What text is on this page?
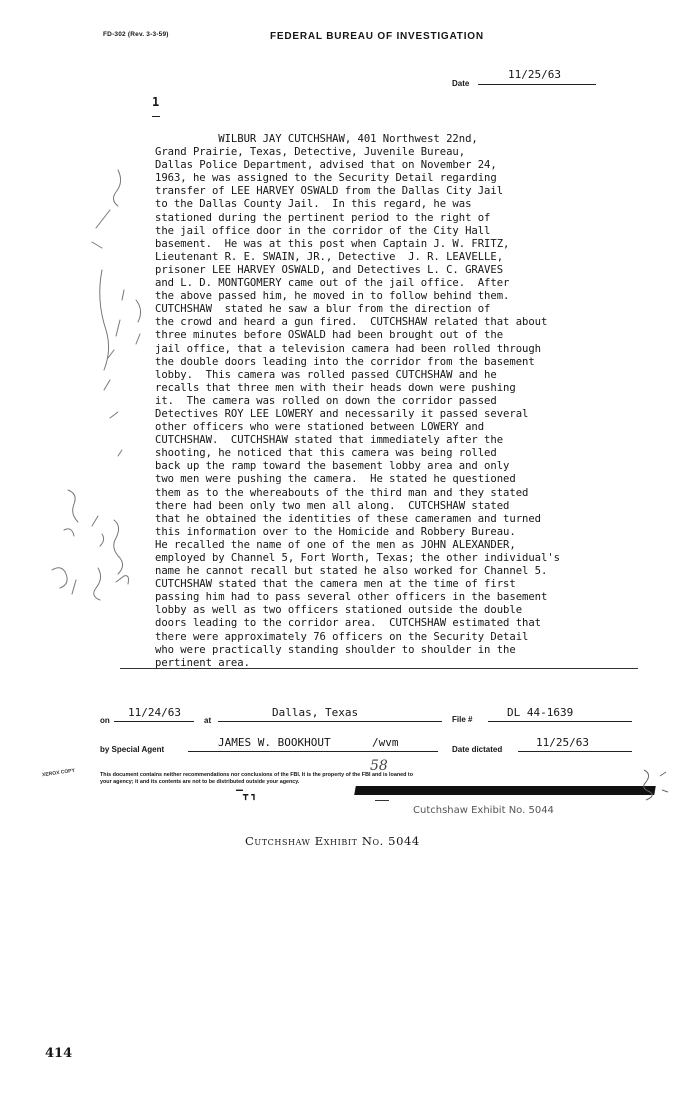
FD-302 (Rev. 3-3-59)	FEDERAL BUREAU OF INVESTIGATION
Date
11/25/63
1
WILBUR JAY CUTCHSHAW, 401 Northwest 22nd,
Grand Prairie, Texas, Detective, Juvenile Bureau,
Dallas Police Department, advised that on November 24,
1963, he was assigned to the Security Detail regarding
transfer of LEE HARVEY OSWALD from the Dallas City Jail
to the Dallas County Jail.  In this regard, he was
stationed during the pertinent period to the right of
the jail office door in the corridor of the City Hall
basement.  He was at this post when Captain J. W. FRITZ,
Lieutenant R. E. SWAIN, JR., Detective  J. R. LEAVELLE,
prisoner LEE HARVEY OSWALD, and Detectives L. C. GRAVES
and L. D. MONTGOMERY came out of the jail office.  After
the above passed him, he moved in to follow behind them.
CUTCHSHAW  stated he saw a blur from the direction of
the crowd and heard a gun fired.  CUTCHSHAW related that about
three minutes before OSWALD had been brought out of the
jail office, that a television camera had been rolled through
the double doors leading into the corridor from the basement
lobby.  This camera was rolled passed CUTCHSHAW and he
recalls that three men with their heads down were pushing
it.  The camera was rolled on down the corridor passed
Detectives ROY LEE LOWERY and necessarily it passed several
other officers who were stationed between LOWERY and
CUTCHSHAW.  CUTCHSHAW stated that immediately after the
shooting, he noticed that this camera was being rolled
back up the ramp toward the basement lobby area and only
two men were pushing the camera.  He stated he questioned
them as to the whereabouts of the third man and they stated
there had been only two men all along.  CUTCHSHAW stated
that he obtained the identities of these cameramen and turned
this information over to the Homicide and Robbery Bureau.
He recalled the name of one of the men as JOHN ALEXANDER,
employed by Channel 5, Fort Worth, Texas; the other individual's
name he cannot recall but stated he also worked for Channel 5.
CUTCHSHAW stated that the camera men at the time of first
passing him had to pass several other officers in the basement
lobby as well as two officers stationed outside the double
doors leading to the corridor area.  CUTCHSHAW estimated that
there were approximately 76 officers on the Security Detail
who were practically standing shoulder to shoulder in the
pertinent area.
on
11/24/63
at
Dallas, Texas
File #
DL 44-1639
by Special Agent
JAMES W. BOOKHOUT	/wvm
Date dictated
11/25/63
XEROX COPY	This document contains neither recommendations nor conclusions of the FBI. It is the property of the FBI and is loaned to
your agency; it and its contents are not to be distributed outside your agency.
58
▔┳ ┓
Cutchshaw Exhibit No. 5044
Cutchshaw Exhibit No. 5044
414
